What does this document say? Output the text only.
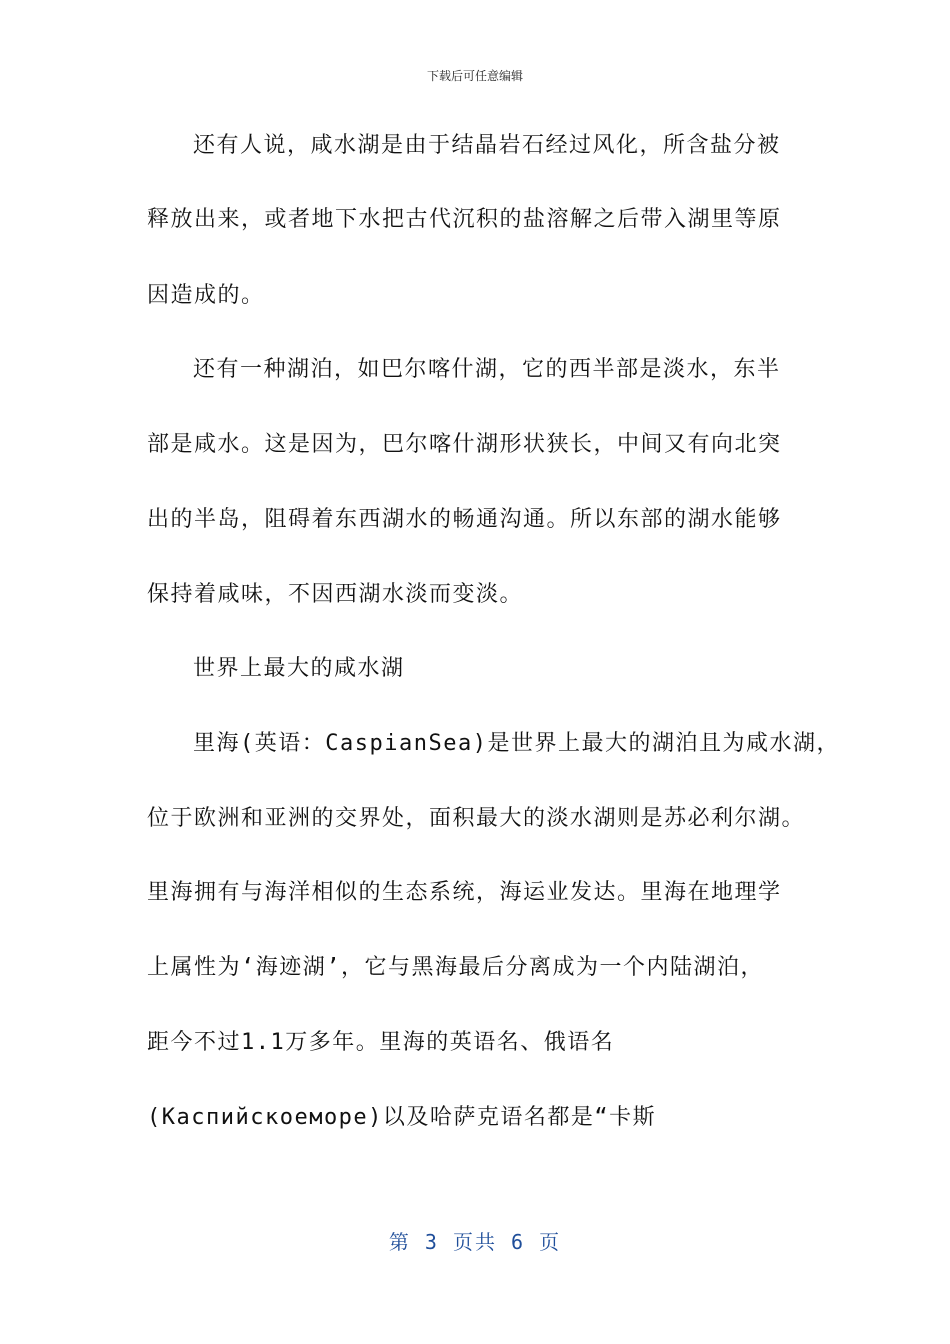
下载后可任意编辑
还有人说，咸水湖是由于结晶岩石经过风化，所含盐分被
释放出来，或者地下水把古代沉积的盐溶解之后带入湖里等原
因造成的。
还有一种湖泊，如巴尔喀什湖，它的西半部是淡水，东半
部是咸水。这是因为，巴尔喀什湖形状狭长，中间又有向北突
出的半岛，阻碍着东西湖水的畅通沟通。所以东部的湖水能够
保持着咸味，不因西湖水淡而变淡。
世界上最大的咸水湖
里海(英语：CaspianSea)是世界上最大的湖泊且为咸水湖，
位于欧洲和亚洲的交界处，面积最大的淡水湖则是苏必利尔湖。
里海拥有与海洋相似的生态系统，海运业发达。里海在地理学
上属性为‘海迹湖’，它与黑海最后分离成为一个内陆湖泊，
距今不过1.1万多年。里海的英语名、俄语名
(Каспийскоеморе)以及哈萨克语名都是“卡斯
第 3 页共 6 页
